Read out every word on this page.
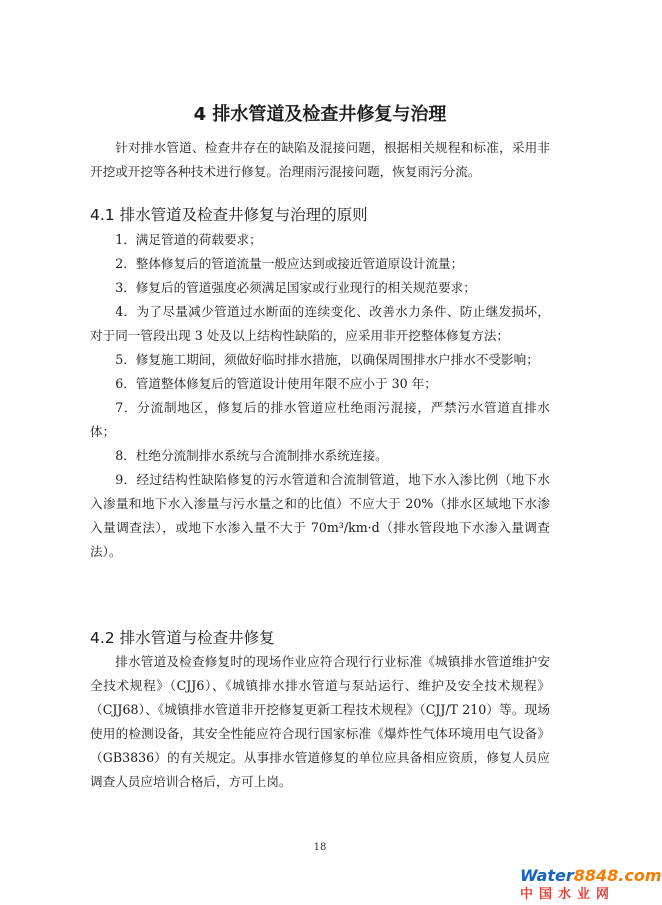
4 排水管道及检查井修复与治理

针对排水管道、检查井存在的缺陷及混接问题，根据相关规程和标准，采用非开挖或开挖等各种技术进行修复。治理雨污混接问题，恢复雨污分流。

4.1 排水管道及检查井修复与治理的原则
1．满足管道的荷载要求；
2．整体修复后的管道流量一般应达到或接近管道原设计流量；
3．修复后的管道强度必须满足国家或行业现行的相关规范要求；
4．为了尽量减少管道过水断面的连续变化、改善水力条件、防止继发损坏，对于同一管段出现 3 处及以上结构性缺陷的，应采用非开挖整体修复方法；
5．修复施工期间，须做好临时排水措施，以确保周围排水户排水不受影响；
6．管道整体修复后的管道设计使用年限不应小于 30 年；
7．分流制地区，修复后的排水管道应杜绝雨污混接，严禁污水管道直排水体；
8．杜绝分流制排水系统与合流制排水系统连接。
9．经过结构性缺陷修复的污水管道和合流制管道，地下水入渗比例（地下水入渗量和地下水入渗量与污水量之和的比值）不应大于 20%（排水区域地下水渗入量调查法），或地下水渗入量不大于 70m³/km·d（排水管段地下水渗入量调查法）。
4.2 排水管道与检查井修复

排水管道及检查修复时的现场作业应符合现行行业标准《城镇排水管道维护安全技术规程》（CJJ6）、《城镇排水排水管道与泵站运行、维护及安全技术规程》（CJJ68）、《城镇排水管道非开挖修复更新工程技术规程》（CJJ/T 210）等。现场使用的检测设备，其安全性能应符合现行国家标准《爆炸性气体环境用电气设备》（GB3836）的有关规定。从事排水管道修复的单位应具备相应资质，修复人员应调查人员应培训合格后，方可上岗。

18
Water8848.com
中国水业网
